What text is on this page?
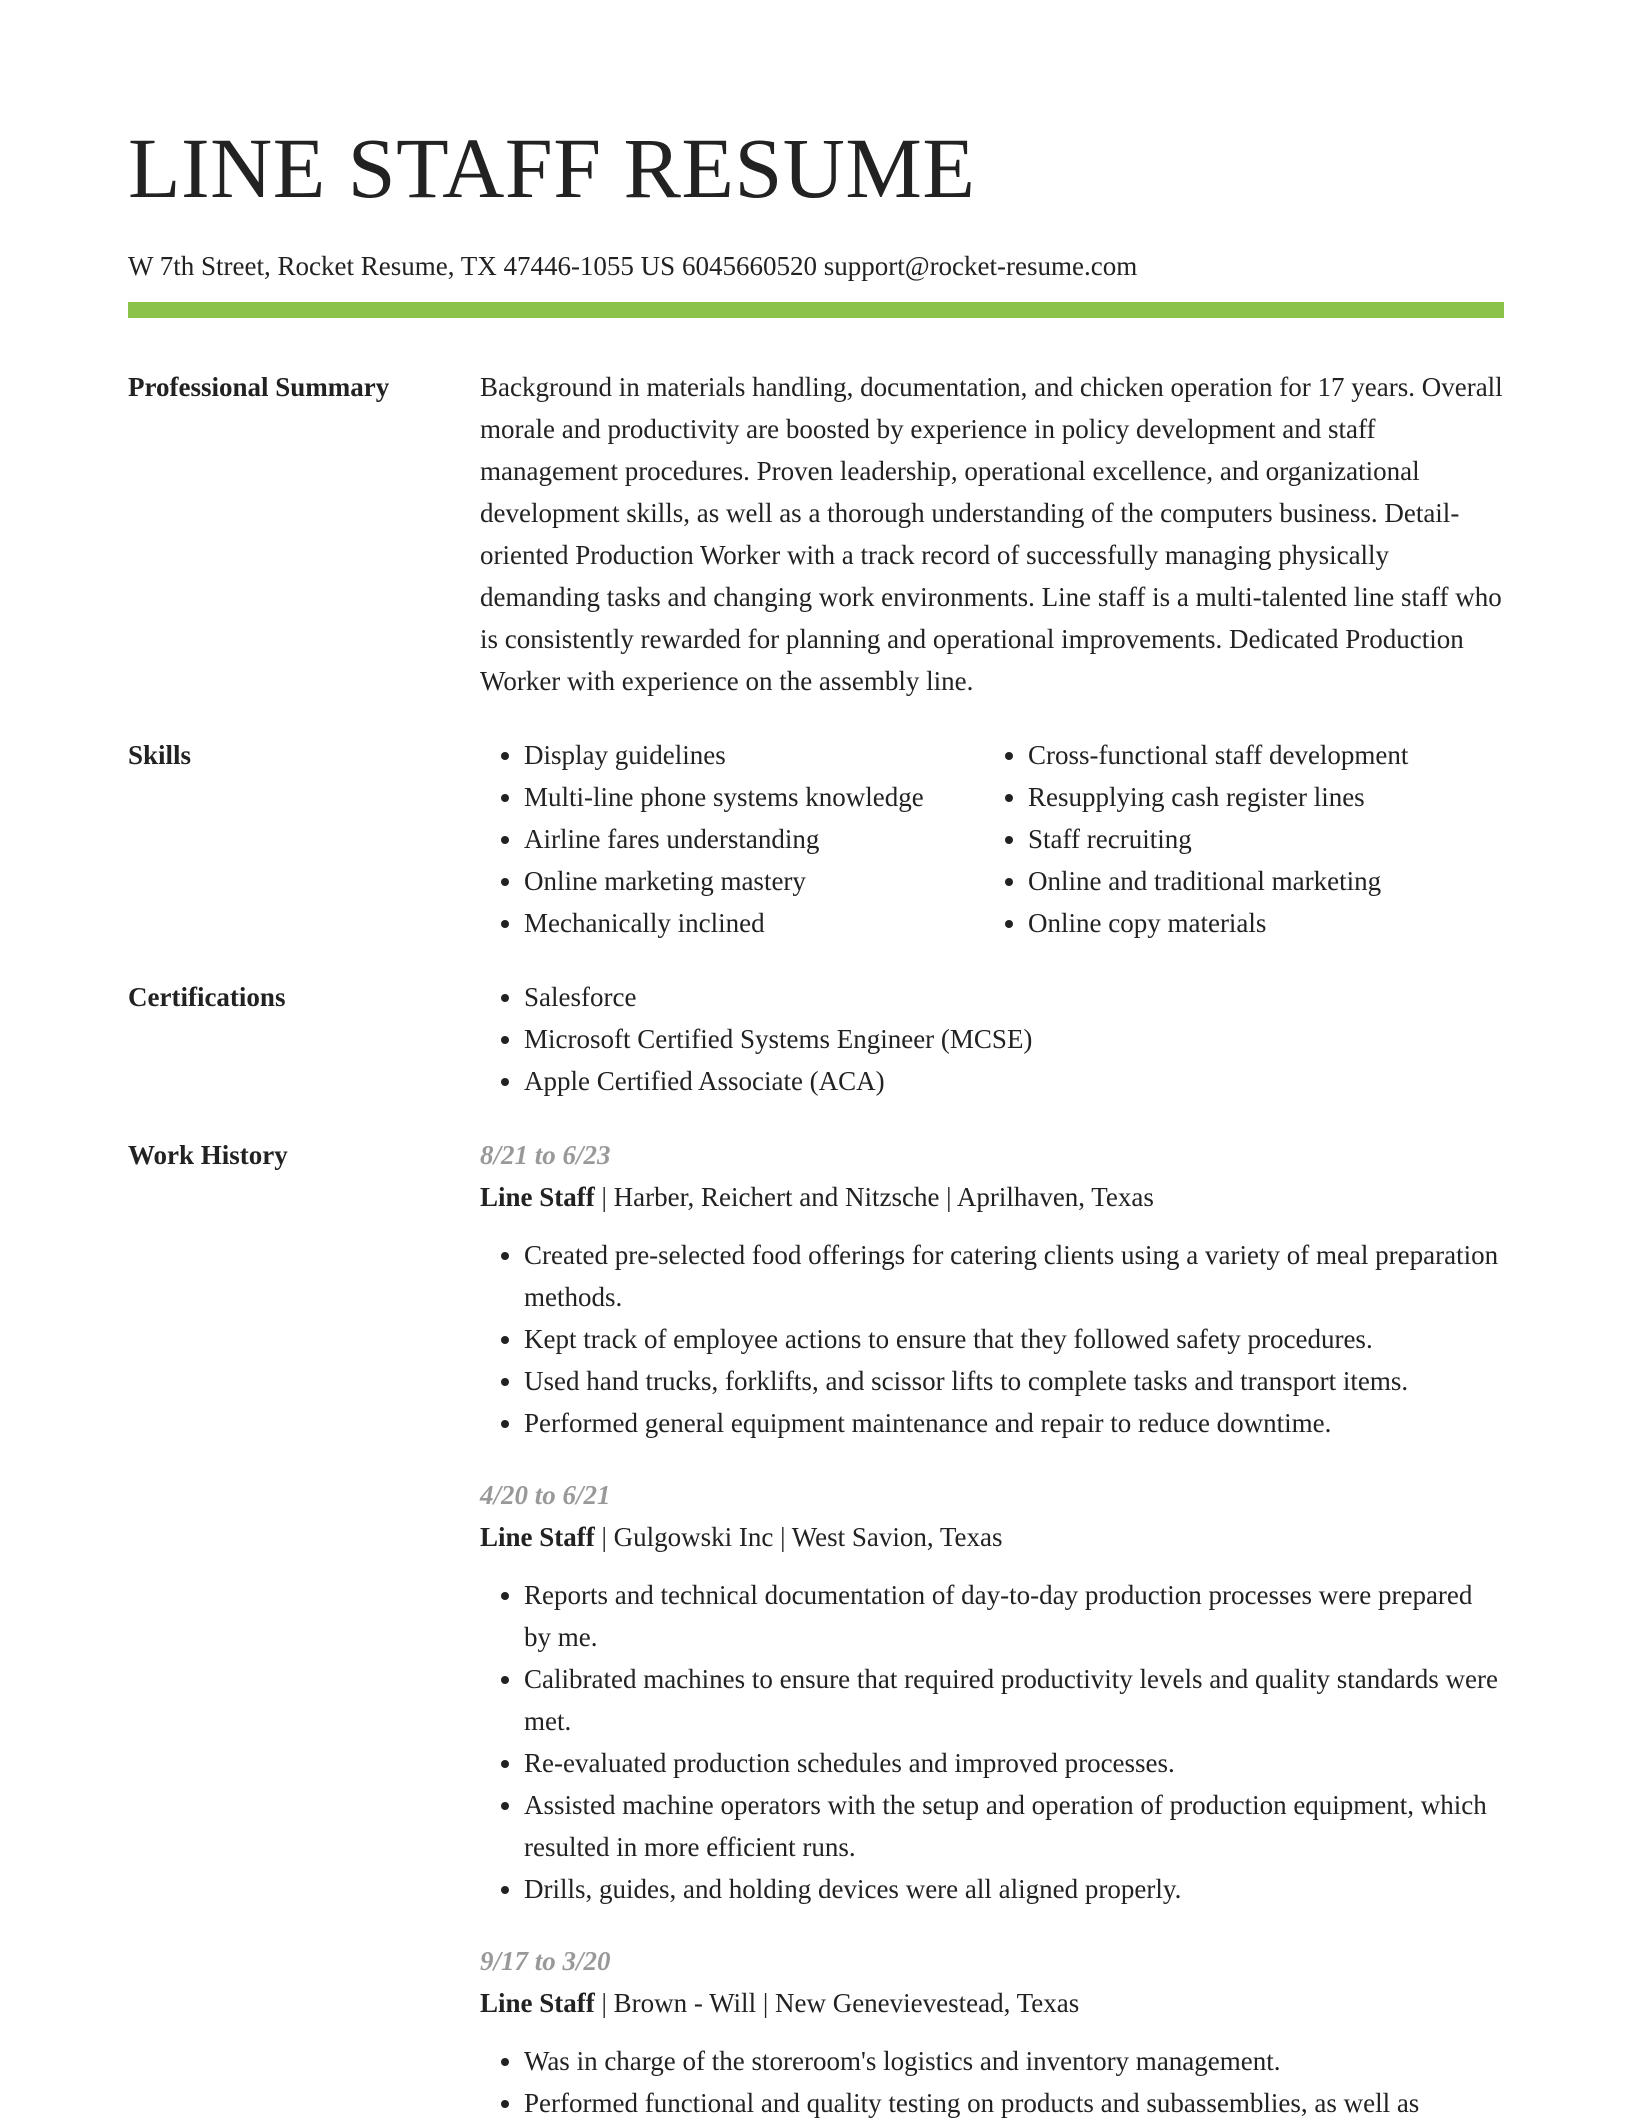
LINE STAFF RESUME
W 7th Street, Rocket Resume, TX 47446-1055 US 6045660520 support@rocket-resume.com
Professional Summary	Background in materials handling, documentation, and chicken operation for 17 years. Overall morale and productivity are boosted by experience in policy development and staff management procedures. Proven leadership, operational excellence, and organizational development skills, as well as a thorough understanding of the computers business. Detail-oriented Production Worker with a track record of successfully managing physically demanding tasks and changing work environments. Line staff is a multi-talented line staff who is consistently rewarded for planning and operational improvements. Dedicated Production Worker with experience on the assembly line.

Skills	• Display guidelines
• Multi-line phone systems knowledge
• Airline fares understanding
• Online marketing mastery
• Mechanically inclined
• Cross-functional staff development
• Resupplying cash register lines
• Staff recruiting
• Online and traditional marketing
• Online copy materials
Certifications	• Salesforce
• Microsoft Certified Systems Engineer (MCSE)
• Apple Certified Associate (ACA)
Work History	8/21 to 6/23
Line Staff | Harber, Reichert and Nitzsche | Aprilhaven, Texas
• Created pre-selected food offerings for catering clients using a variety of meal preparation methods.
• Kept track of employee actions to ensure that they followed safety procedures.
• Used hand trucks, forklifts, and scissor lifts to complete tasks and transport items.
• Performed general equipment maintenance and repair to reduce downtime.
4/20 to 6/21
Line Staff | Gulgowski Inc | West Savion, Texas
• Reports and technical documentation of day-to-day production processes were prepared by me.
• Calibrated machines to ensure that required productivity levels and quality standards were met.
• Re-evaluated production schedules and improved processes.
• Assisted machine operators with the setup and operation of production equipment, which resulted in more efficient runs.
• Drills, guides, and holding devices were all aligned properly.
9/17 to 3/20
Line Staff | Brown - Will | New Genevievestead, Texas
• Was in charge of the storeroom's logistics and inventory management.
• Performed functional and quality testing on products and subassemblies, as well as
